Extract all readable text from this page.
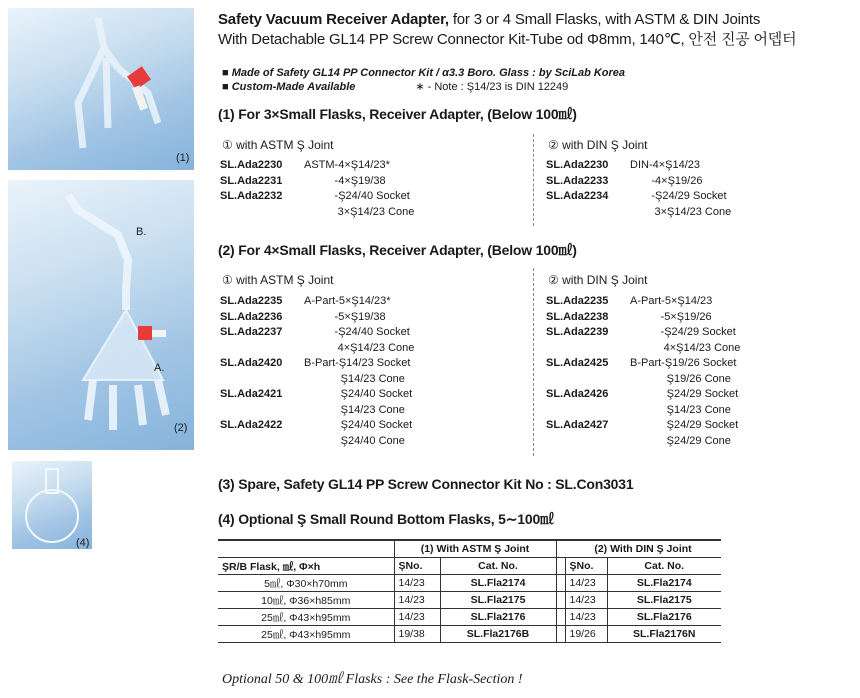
(1)
B.
A.
(2)
(4)
Safety Vacuum Receiver Adapter, for 3 or 4 Small Flasks, with ASTM & DIN Joints
With Detachable GL14 PP Screw Connector Kit-Tube od Φ8mm, 140℃, 안전 진공 어뎁터
■ Made of Safety GL14 PP Connector Kit / α3.3 Boro. Glass : by SciLab Korea
■ Custom-Made Available	∗ - Note : Ş14/23 is DIN 12249
(1) For 3×Small Flasks, Receiver Adapter, (Below 100㎖)
① with ASTM Ş Joint	② with DIN Ş Joint
SL.Ada2230 ASTM-4×Ş14/23*
SL.Ada2231          -4×Ş19/38
SL.Ada2232          -Ş24/40 Socket
3×Ş14/23 Cone
SL.Ada2230 DIN-4×Ş14/23
SL.Ada2233       -4×Ş19/26
SL.Ada2234       -Ş24/29 Socket
3×Ş14/23 Cone
(2) For 4×Small Flasks, Receiver Adapter, (Below 100㎖)
① with ASTM Ş Joint	② with DIN Ş Joint
SL.Ada2235 A-Part-5×Ş14/23*
SL.Ada2236          -5×Ş19/38
SL.Ada2237          -Ş24/40 Socket
4×Ş14/23 Cone
SL.Ada2420 B-Part-Ş14/23 Socket
Ş14/23 Cone
SL.Ada2421            Ş24/40 Socket
Ş14/23 Cone
SL.Ada2422            Ş24/40 Socket
Ş24/40 Cone
SL.Ada2235 A-Part-5×Ş14/23
SL.Ada2238          -5×Ş19/26
SL.Ada2239          -Ş24/29 Socket
4×Ş14/23 Cone
SL.Ada2425 B-Part-Ş19/26 Socket
Ş19/26 Cone
SL.Ada2426            Ş24/29 Socket
Ş14/23 Cone
SL.Ada2427            Ş24/29 Socket
Ş24/29 Cone
(3) Spare, Safety GL14 PP Screw Connector Kit No : SL.Con3031
(4) Optional Ş Small Round Bottom Flasks, 5∼100㎖
	(1) With ASTM Ş Joint			(2) With DIN Ş Joint	
ŞR/B Flask, ㎖, Φ×h	ŞNo.	Cat. No.		ŞNo.	Cat. No.
5㎖, Φ30×h70mm	14/23	SL.Fla2174		14/23	SL.Fla2174
10㎖, Φ36×h85mm	14/23	SL.Fla2175		14/23	SL.Fla2175
25㎖, Φ43×h95mm	14/23	SL.Fla2176		14/23	SL.Fla2176
25㎖, Φ43×h95mm	19/38	SL.Fla2176B		19/26	SL.Fla2176N
Optional 50 & 100㎖ Flasks : See the Flask-Section !
